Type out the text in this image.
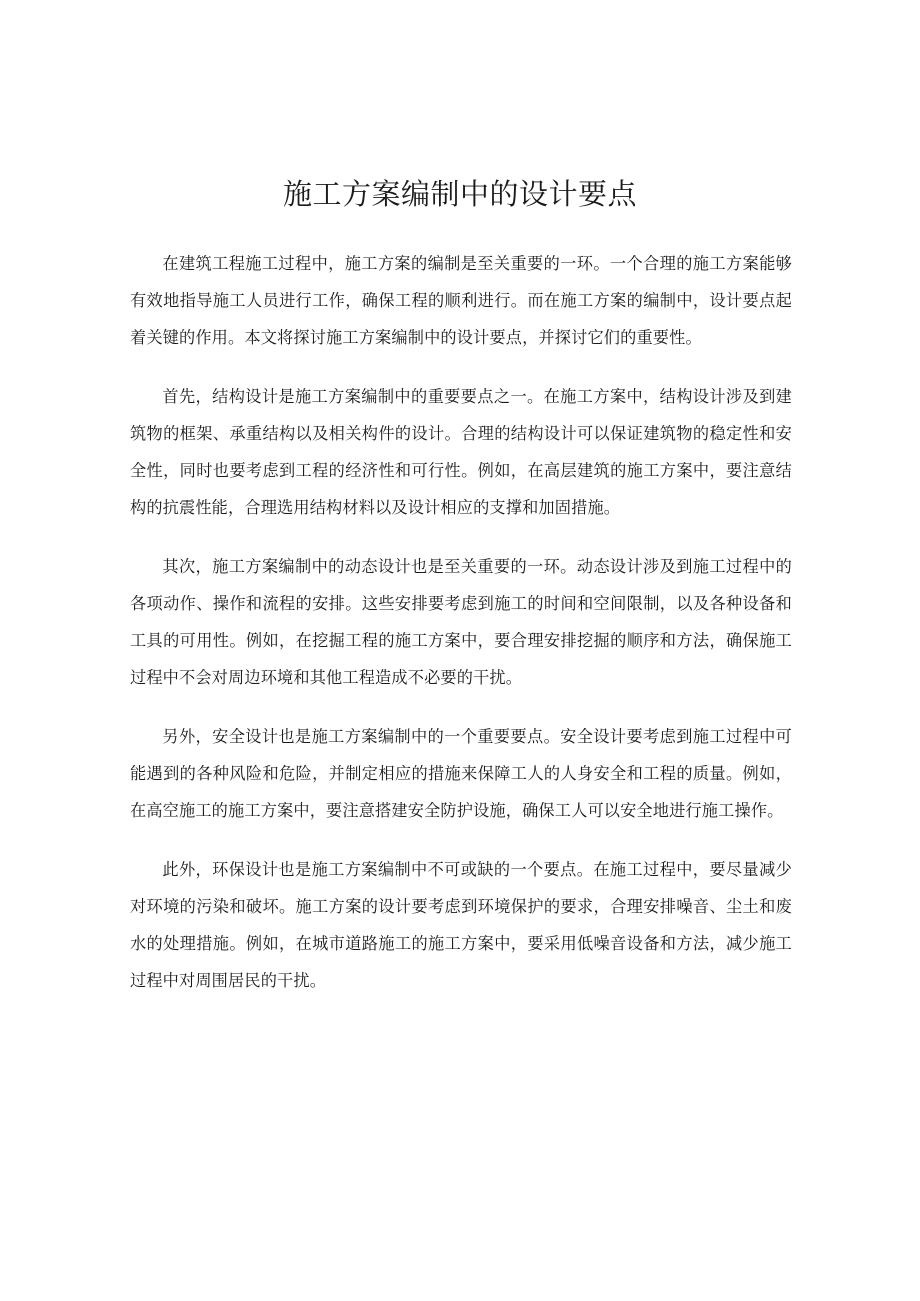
施工方案编制中的设计要点

在建筑工程施工过程中，施工方案的编制是至关重要的一环。一个合理的施工方案能够有效地指导施工人员进行工作，确保工程的顺利进行。而在施工方案的编制中，设计要点起着关键的作用。本文将探讨施工方案编制中的设计要点，并探讨它们的重要性。

首先，结构设计是施工方案编制中的重要要点之一。在施工方案中，结构设计涉及到建筑物的框架、承重结构以及相关构件的设计。合理的结构设计可以保证建筑物的稳定性和安全性，同时也要考虑到工程的经济性和可行性。例如，在高层建筑的施工方案中，要注意结构的抗震性能，合理选用结构材料以及设计相应的支撑和加固措施。

其次，施工方案编制中的动态设计也是至关重要的一环。动态设计涉及到施工过程中的各项动作、操作和流程的安排。这些安排要考虑到施工的时间和空间限制，以及各种设备和工具的可用性。例如，在挖掘工程的施工方案中，要合理安排挖掘的顺序和方法，确保施工过程中不会对周边环境和其他工程造成不必要的干扰。

另外，安全设计也是施工方案编制中的一个重要要点。安全设计要考虑到施工过程中可能遇到的各种风险和危险，并制定相应的措施来保障工人的人身安全和工程的质量。例如，在高空施工的施工方案中，要注意搭建安全防护设施，确保工人可以安全地进行施工操作。

此外，环保设计也是施工方案编制中不可或缺的一个要点。在施工过程中，要尽量减少对环境的污染和破坏。施工方案的设计要考虑到环境保护的要求，合理安排噪音、尘土和废水的处理措施。例如，在城市道路施工的施工方案中，要采用低噪音设备和方法，减少施工过程中对周围居民的干扰。
